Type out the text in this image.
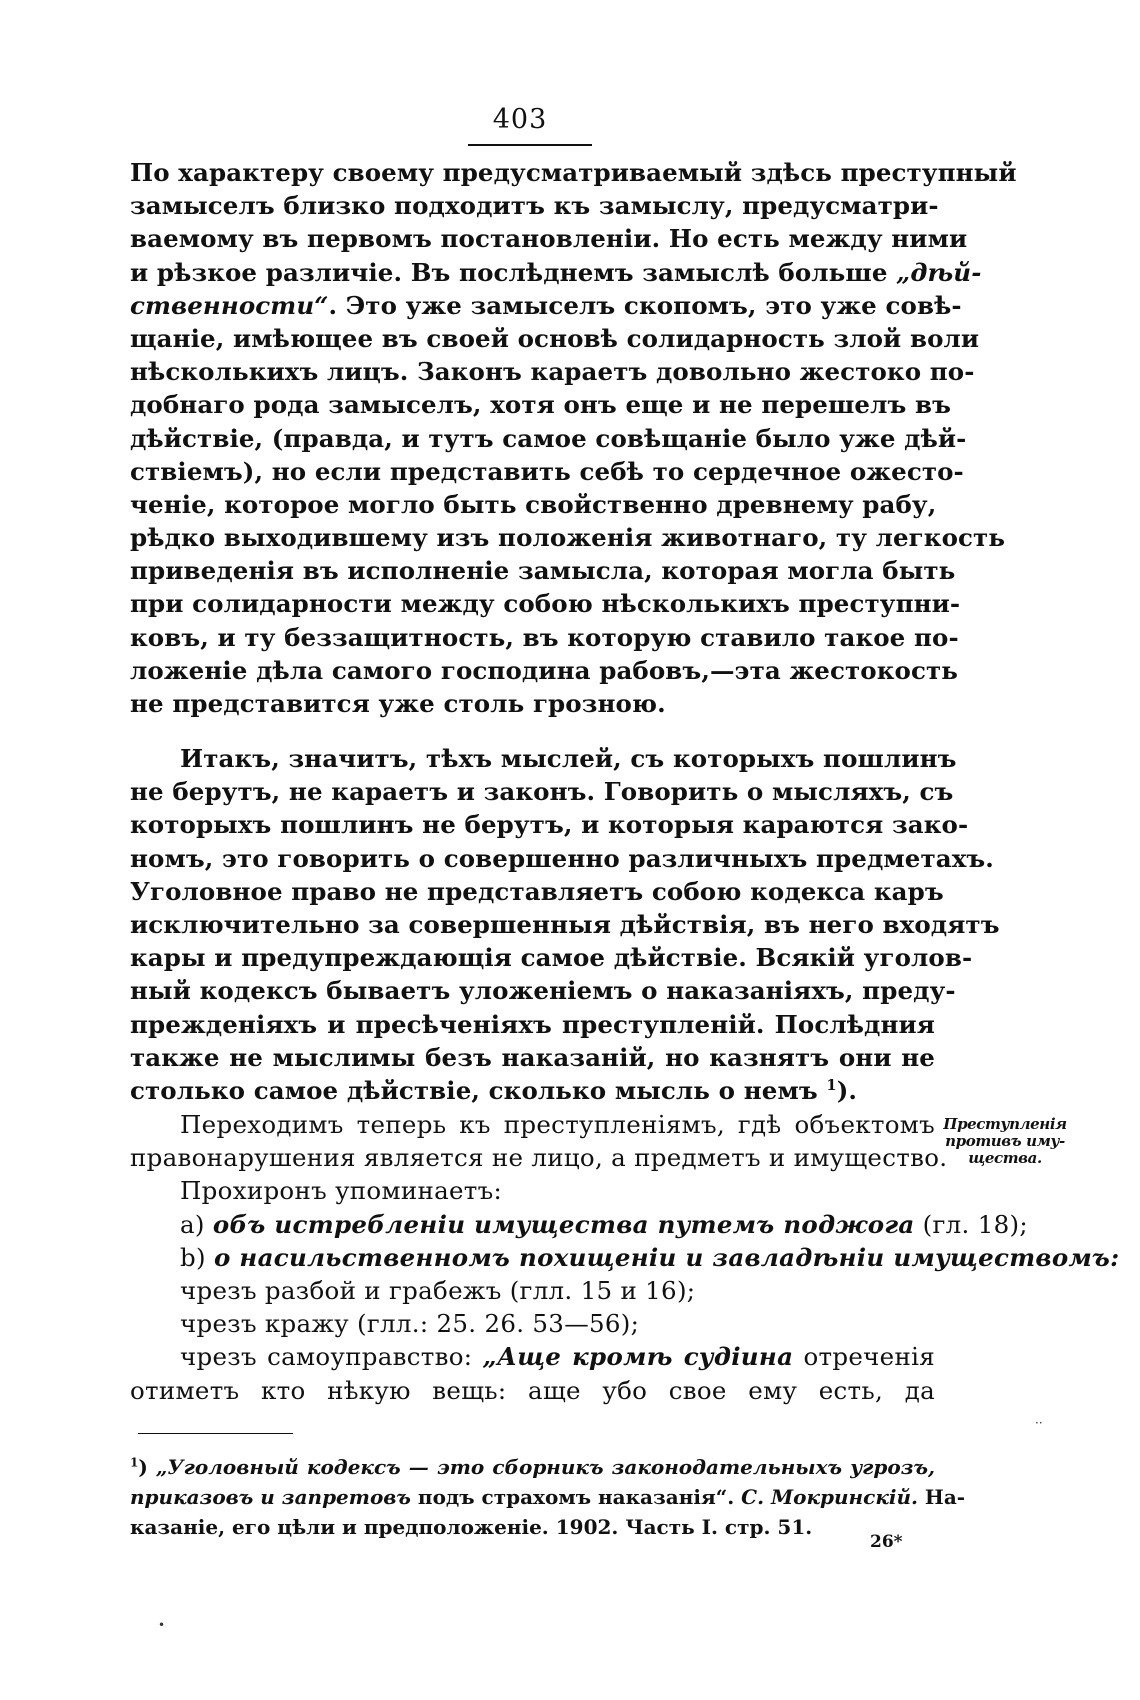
403
По характеру своему предусматриваемый здѣсь преступный
замыселъ близко подходитъ къ замыслу, предусматри-
ваемому въ первомъ постановленіи. Но есть между ними
и рѣзкое различіе. Въ послѣднемъ замыслѣ больше „дѣй-
ственности“. Это уже замыселъ скопомъ, это уже совѣ-
щаніе, имѣющее въ своей основѣ солидарность злой воли
нѣсколькихъ лицъ. Законъ караетъ довольно жестоко по-
добнаго рода замыселъ, хотя онъ еще и не перешелъ въ
дѣйствіе, (правда, и тутъ самое совѣщаніе было уже дѣй-
ствіемъ), но если представить себѣ то сердечное ожесто-
ченіе, которое могло быть свойственно древнему рабу,
рѣдко выходившему изъ положенія животнаго, ту легкость
приведенія въ исполненіе замысла, которая могла быть
при солидарности между собою нѣсколькихъ преступни-
ковъ, и ту беззащитность, въ которую ставило такое по-
ложеніе дѣла самого господина рабовъ,—эта жестокость
не представится уже столь грозною.
Итакъ, значитъ, тѣхъ мыслей, съ которыхъ пошлинъ
не берутъ, не караетъ и законъ. Говорить о мысляхъ, съ
которыхъ пошлинъ не берутъ, и которыя караются зако-
номъ, это говорить о совершенно различныхъ предметахъ.
Уголовное право не представляетъ собою кодекса каръ
исключительно за совершенныя дѣйствія, въ него входятъ
кары и предупреждающія самое дѣйствіе. Всякій уголов-
ный кодексъ бываетъ уложеніемъ о наказаніяхъ, преду-
прежденіяхъ и пресѣченіяхъ преступленій. Послѣдния
также не мыслимы безъ наказаній, но казнятъ они не
столько самое дѣйствіе, сколько мысль о немъ $^1$).
Переходимъ теперь къ преступленіямъ, гдѣ объектомъ
правонарушения является не лицо, а предметъ и имущество.
Прохиронъ упоминаетъ:
a) объ истребленіи имущества путемъ поджога (гл. 18);
b) о насильственномъ похищеніи и завладѣніи имуществомъ:
чрезъ разбой и грабежъ (глл. 15 и 16);
чрезъ кражу (глл.: 25. 26. 53—56);
чрезъ самоуправство: „Аще кромѣ судіина отреченія
отиметъ кто нѣкую вещь: аще убо свое ему есть, да
Преступленія
противъ иму-
щества.
$^1$) „Уголовный кодексъ — это сборникъ законодательныхъ угрозъ,
приказовъ и запретовъ подъ страхомъ наказанія“. С. Мокринскій. На-
казаніе, его цѣли и предположеніе. 1902. Часть I. стр. 51.
26*
•
··
